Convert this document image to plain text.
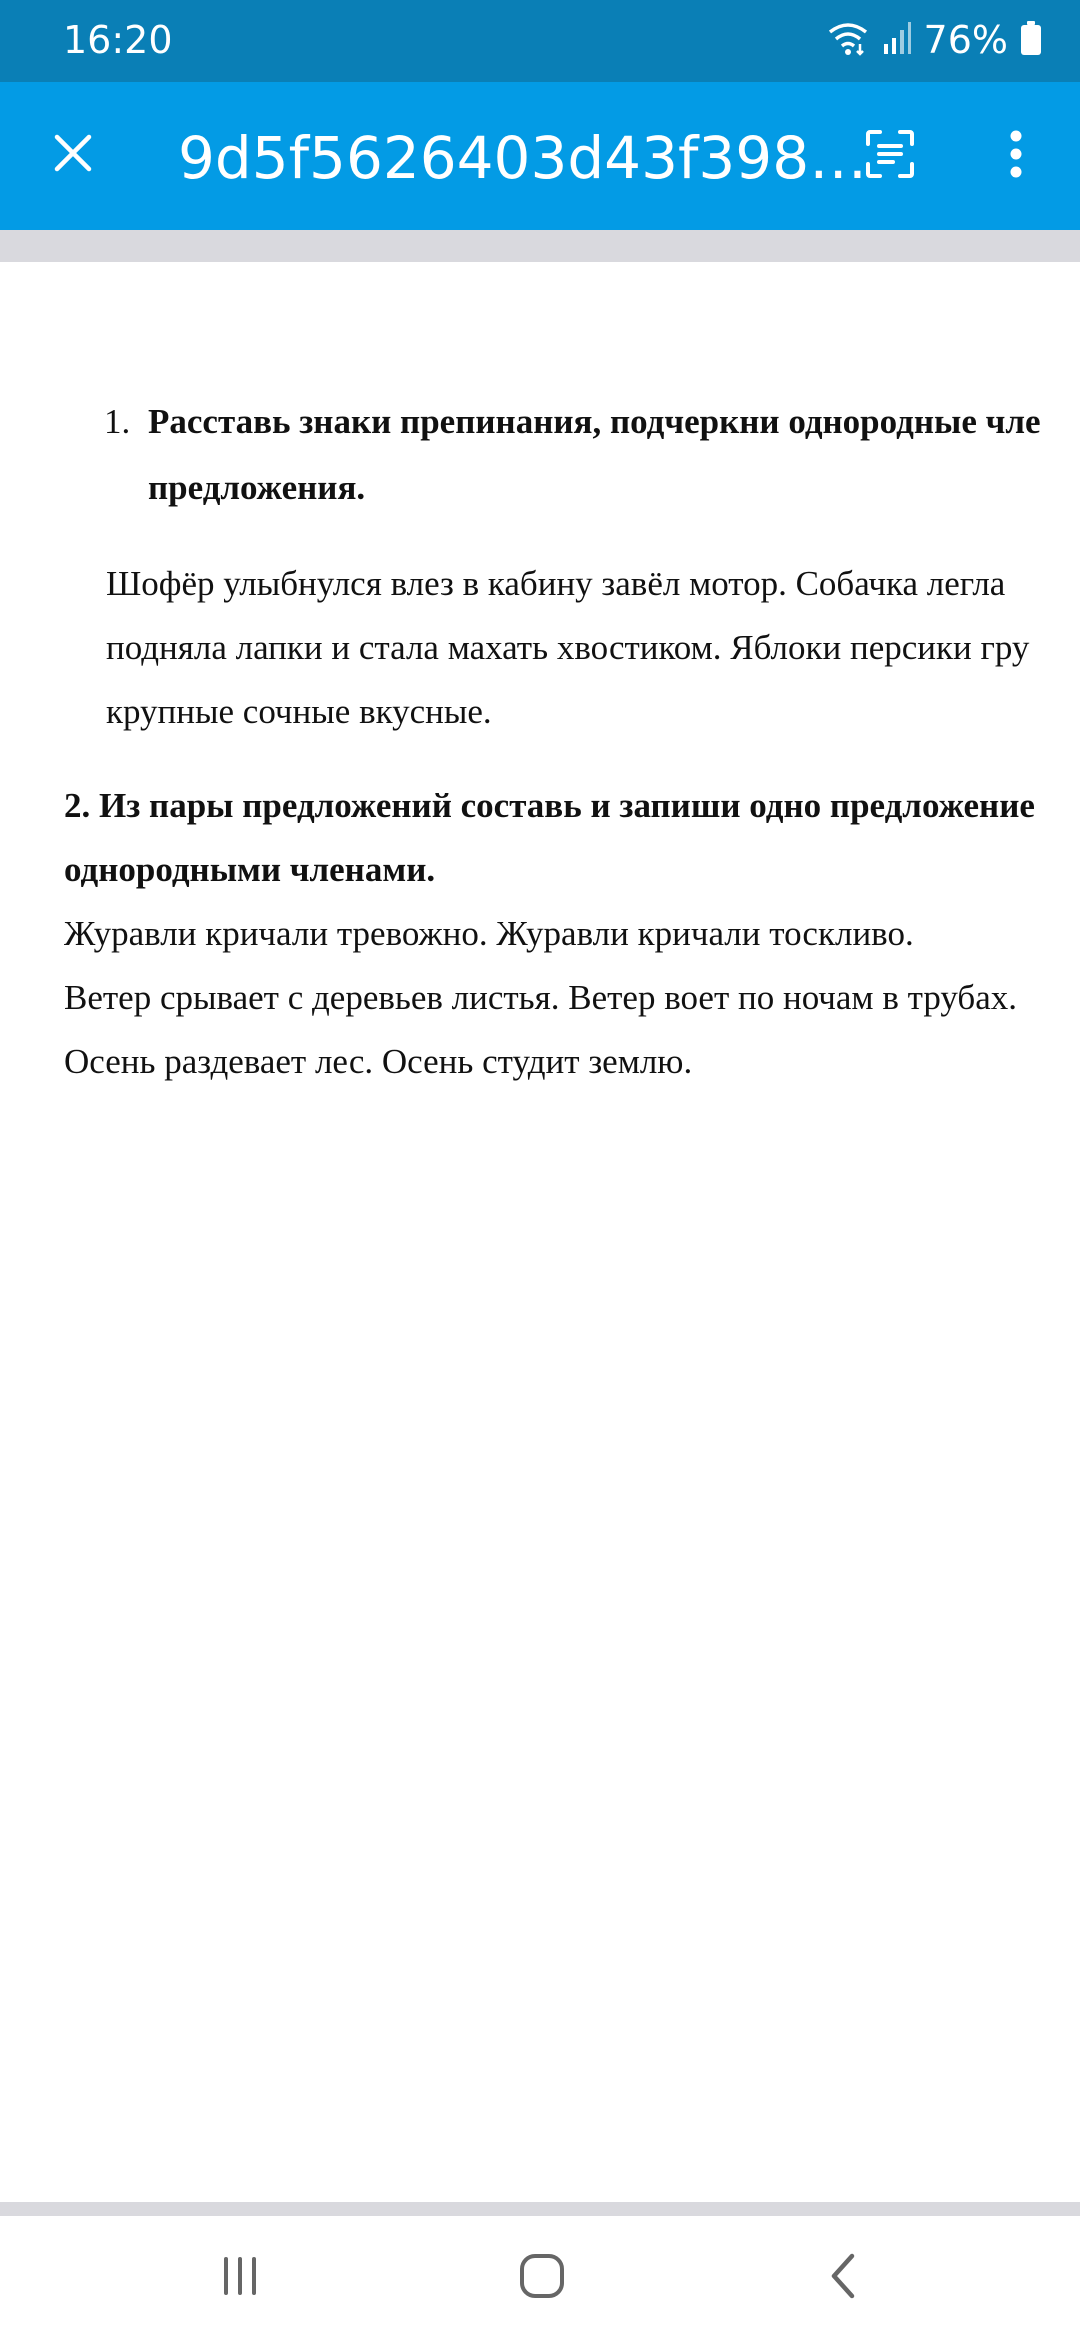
16:20	76%
9d5f5626403d43f398…
1. Расставь знаки препинания, подчеркни однородные чле
предложения.
Шофёр улыбнулся влез в кабину завёл мотор. Собачка легла
подняла лапки и стала махать хвостиком. Яблоки персики гру
крупные сочные вкусные.
2. Из пары предложений составь и запиши одно предложение
однородными членами.
Журавли кричали тревожно. Журавли кричали тоскливо.
Ветер срывает с деревьев листья. Ветер воет по ночам в трубах.
Осень раздевает лес. Осень студит землю.
